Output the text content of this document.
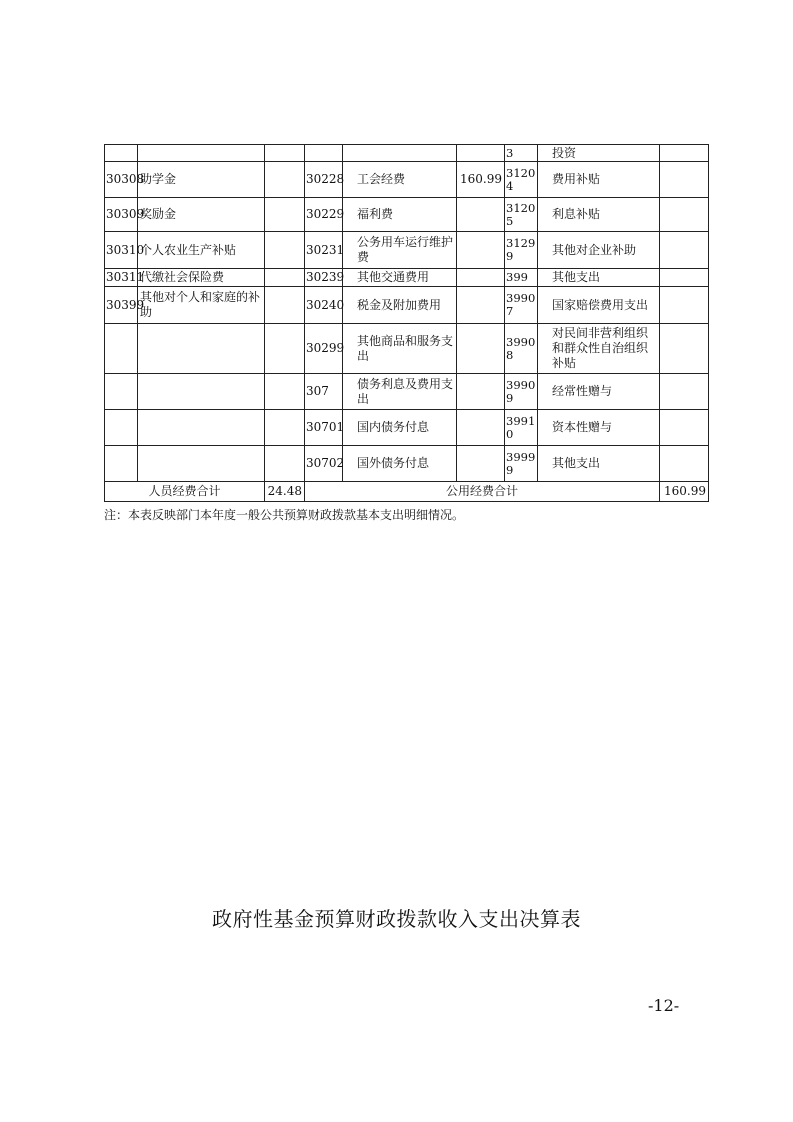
						3	投资	
30308	助学金		30228	工会经费	160.99	31204	费用补贴	
30309	奖励金		30229	福利费		31205	利息补贴	
30310	个人农业生产补贴		30231	公务用车运行维护费		31299	其他对企业补助	
30311	代缴社会保险费		30239	其他交通费用		399	其他支出	
30399	其他对个人和家庭的补助		30240	税金及附加费用		39907	国家赔偿费用支出	
			30299	其他商品和服务支出		39908	对民间非营利组织和群众性自治组织补贴	
			307	债务利息及费用支出		39909	经常性赠与	
			30701	国内债务付息		39910	资本性赠与	
			30702	国外债务付息		39999	其他支出	
人员经费合计		24.48	公用经费合计					160.99
注：本表反映部门本年度一般公共预算财政拨款基本支出明细情况。
政府性基金预算财政拨款收入支出决算表
-12-
